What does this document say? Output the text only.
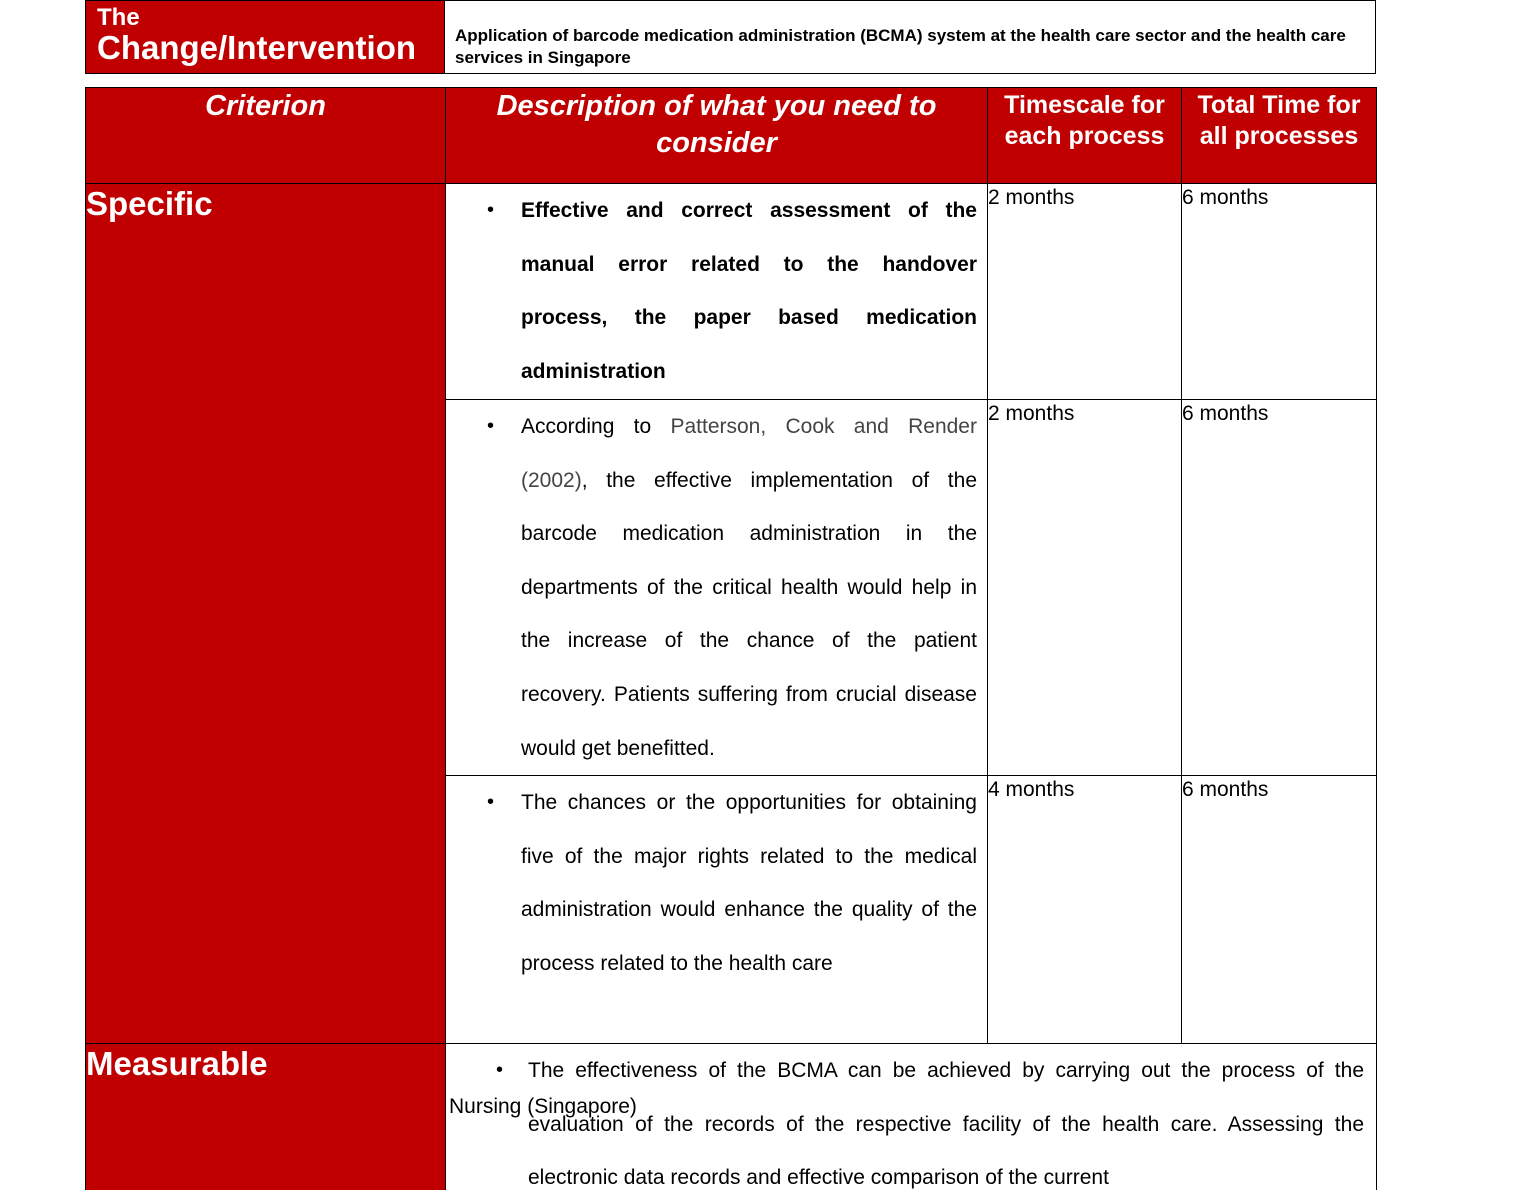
The
Change/Intervention	Application of barcode medication administration (BCMA) system at the health care sector and the health care services in Singapore
Criterion	Description of what you need to consider	Timescale for each process	Total Time for all processes
Specific	• Effective and correct assessment of the manual error related to the handover process, the paper based medication administration	2 months	6 months

	• According to Patterson, Cook and Render (2002), the effective implementation of the barcode medication administration in the departments of the critical health would help in the increase of the chance of the patient recovery. Patients suffering from crucial disease would get benefitted.	2 months	6 months

	• The chances or the opportunities for obtaining five of the major rights related to the medical administration would enhance the quality of the process related to the health care	4 months	6 months
Measurable	• The effectiveness of the BCMA can be achieved by carrying out the process of the evaluation of the records of the respective facility of the health care. Assessing the electronic data records and effective comparison of the current		
Nursing (Singapore)
